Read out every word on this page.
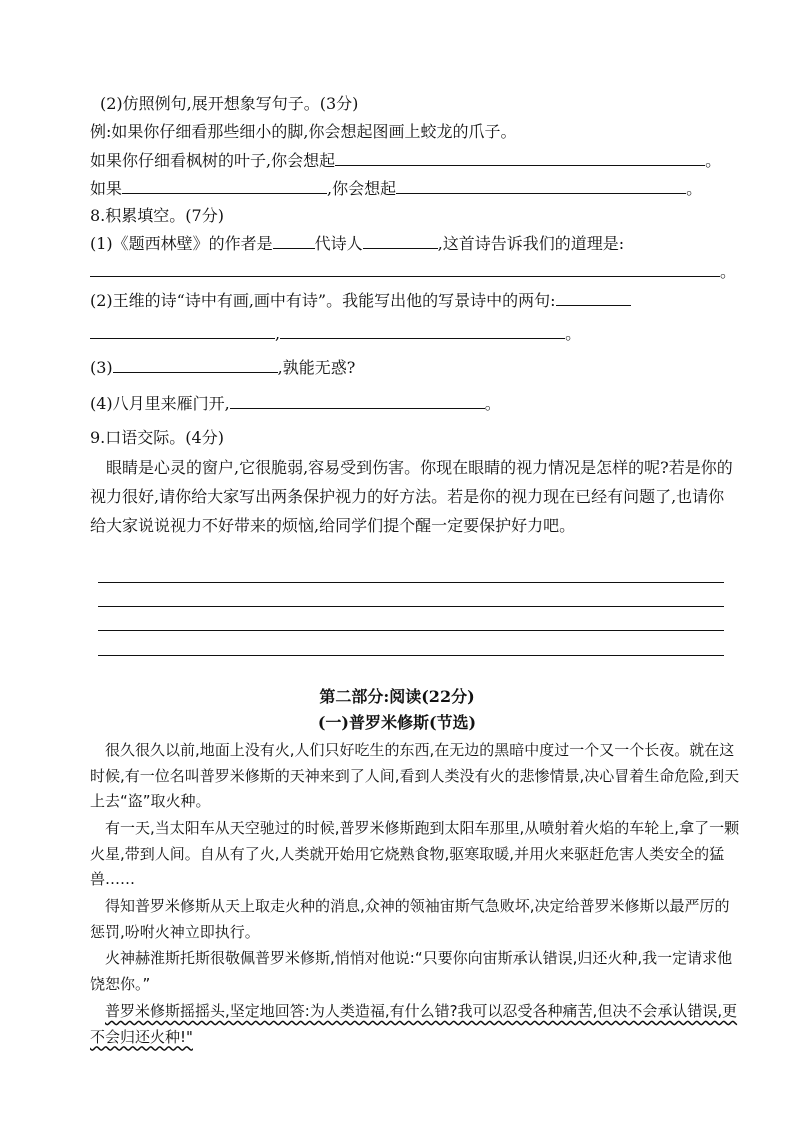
(2)仿照例句,展开想象写句子。(3分)
例:如果你仔细看那些细小的脚,你会想起图画上蛟龙的爪子。
如果你仔细看枫树的叶子,你会想起	。
如果	,你会想起	。
8.积累填空。(7分)
(1)《题西林壁》的作者是	代诗人	,这首诗告诉我们的道理是:
。
(2)王维的诗“诗中有画,画中有诗”。我能写出他的写景诗中的两句:
,	。
(3)	,孰能无惑?
(4)八月里来雁门开,	。
9.口语交际。(4分)
眼睛是心灵的窗户,它很脆弱,容易受到伤害。你现在眼睛的视力情况是怎样的呢?若是你的视力很好,请你给大家写出两条保护视力的好方法。若是你的视力现在已经有问题了,也请你给大家说说视力不好带来的烦恼,给同学们提个醒一定要保护好力吧。
第二部分:阅读(22分)
(一)普罗米修斯(节选)
很久很久以前,地面上没有火,人们只好吃生的东西,在无边的黑暗中度过一个又一个长夜。就在这时候,有一位名叫普罗米修斯的天神来到了人间,看到人类没有火的悲惨情景,决心冒着生命危险,到天上去“盗”取火种。
有一天,当太阳车从天空驰过的时候,普罗米修斯跑到太阳车那里,从喷射着火焰的车轮上,拿了一颗火星,带到人间。自从有了火,人类就开始用它烧熟食物,驱寒取暖,并用火来驱赶危害人类安全的猛兽……
得知普罗米修斯从天上取走火种的消息,众神的领袖宙斯气急败坏,决定给普罗米修斯以最严厉的惩罚,吩咐火神立即执行。
火神赫淮斯托斯很敬佩普罗米修斯,悄悄对他说:“只要你向宙斯承认错误,归还火种,我一定请求他饶恕你。”
普罗米修斯摇摇头,坚定地回答:为人类造福,有什么错?我可以忍受各种痛苦,但决不会承认错误,更不会归还火种!"
